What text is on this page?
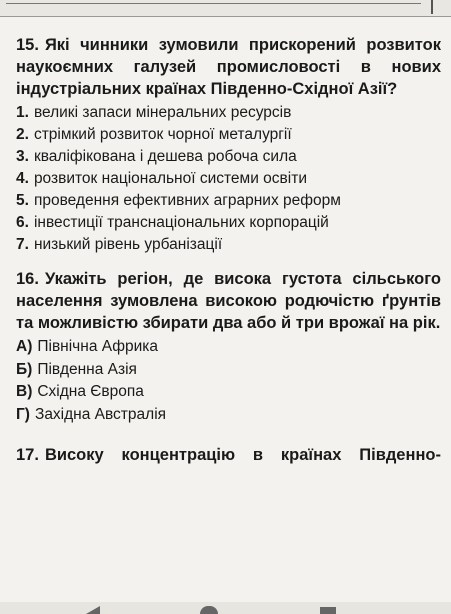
15. Які чинники зумовили прискорений розвиток наукоємних галузей промисловості в нових індустріальних країнах Південно-Східної Азії?

1. великі запаси мінеральних ресурсів
2. стрімкий розвиток чорної металургії
3. кваліфікована і дешева робоча сила
4. розвиток національної системи освіти
5. проведення ефективних аграрних реформ
6. інвестиції транснаціональних корпорацій
7. низький рівень урбанізації

16. Укажіть регіон, де висока густота сільського населення зумовлена високою родючістю ґрунтів та можливістю збирати два або й три врожаї на рік.

А) Північна Африка
Б) Південна Азія
В) Східна Європа
Г) Західна Австралія

17. Високу концентрацію в країнах Південно-
